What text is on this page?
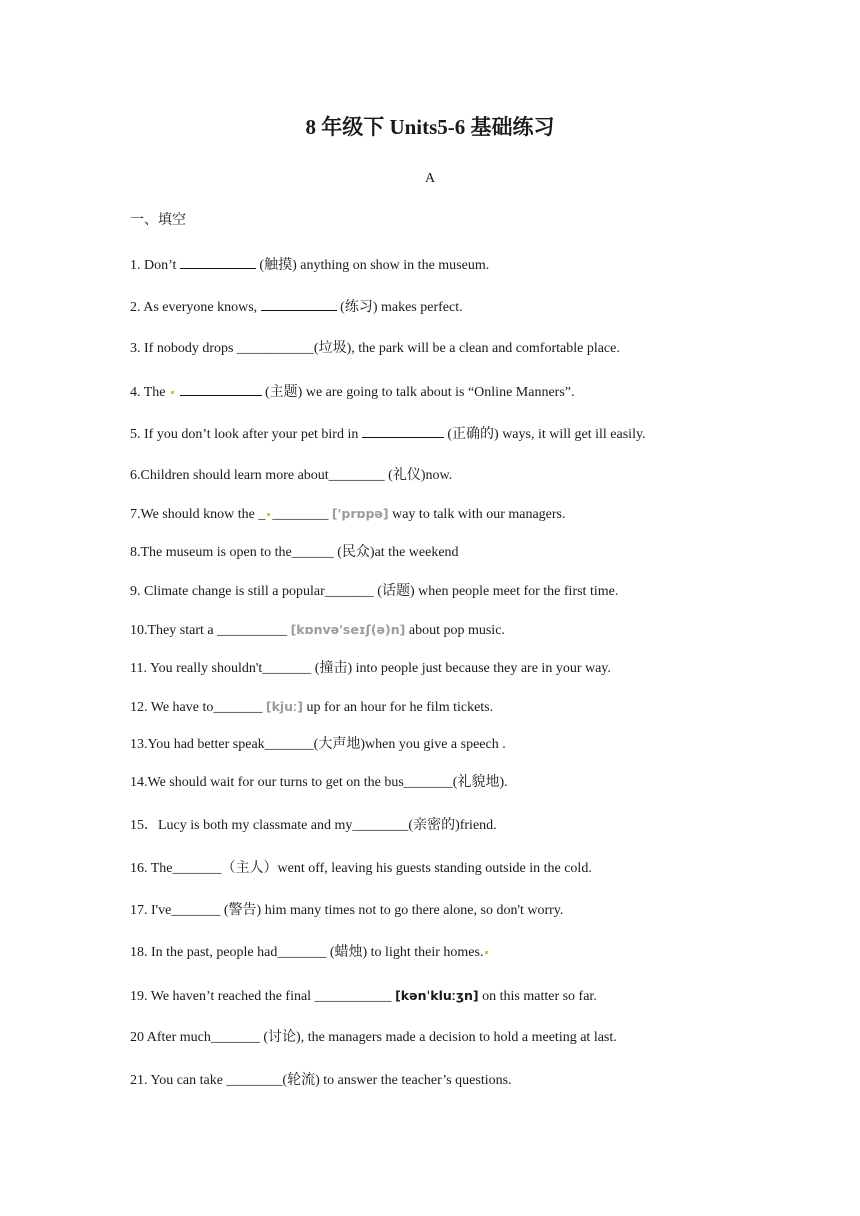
8 年级下 Units5-6 基础练习
A
一、填空
1. Don’t	(触摸) anything on show in the museum.
2. As everyone knows,	(练习) makes perfect.
3. If nobody drops ___________(垃圾), the park will be a clean and comfortable place.
4. The	(主题) we are going to talk about is “Online Manners”.
5. If you don’t look after your pet bird in	(正确的) ways, it will get ill easily.
6.Children should learn more about________ (礼仪)now.
7.We should know the _ ________ ['prɒpə] way to talk with our managers.
8.The museum is open to the______ (民众)at the weekend
9. Climate change is still a popular_______ (话题) when people meet for the first time.
10.They start a __________ [kɒnvə'seɪʃ(ə)n] about pop music.
11. You really shouldn't_______ (撞击) into people just because they are in your way.
12. We have to_______ [kjuː] up for an hour for he film tickets.
13.You had better speak_______(大声地)when you give a speech .
14.We should wait for our turns to get on the bus_______(礼貌地).
15．Lucy is both my classmate and my________(亲密的)friend.
16. The_______（主人）went off, leaving his guests standing outside in the cold.
17. I've_______ (警告) him many times not to go there alone, so don't worry.
18. In the past, people had_______ (蜡烛) to light their homes.
19. We haven’t reached the final ___________ [kənˈkluːʒn] on this matter so far.
20 After much_______ (讨论), the managers made a decision to hold a meeting at last.
21. You can take ________(轮流) to answer the teacher’s questions.
